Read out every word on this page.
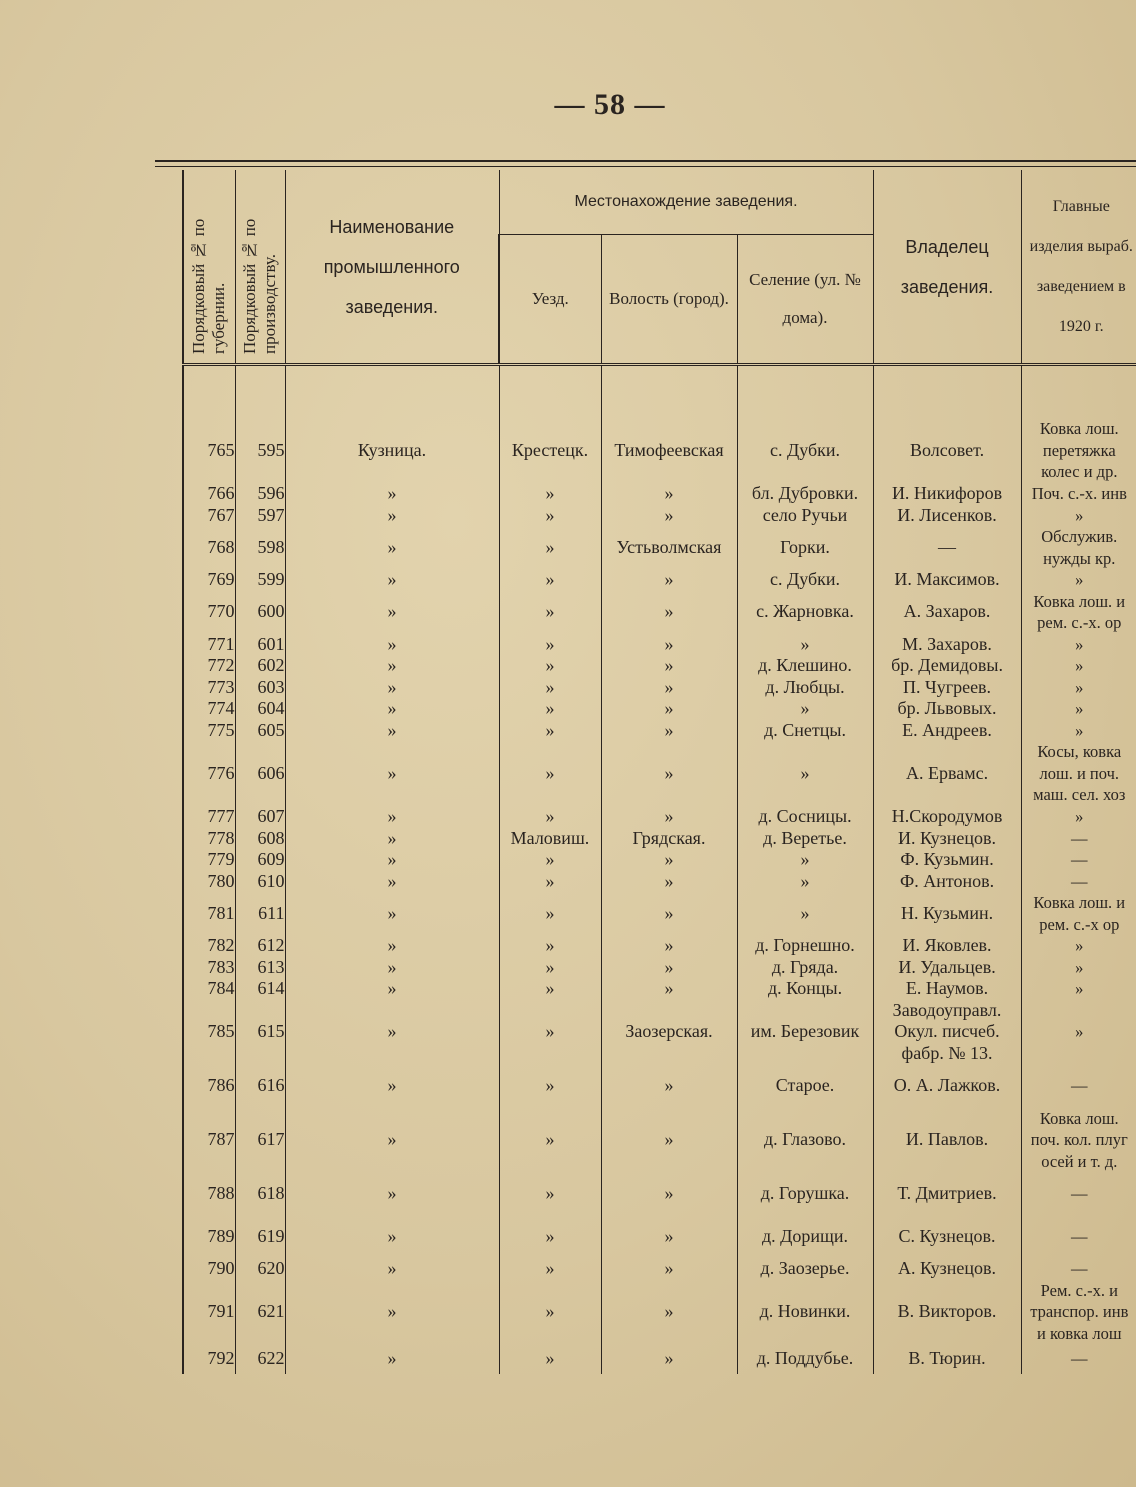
— 58 —
Порядковый № по губернии.	Порядковый № по производству.	Наименование промышленного заведения.	Местонахождение заведения.			Владелец заведения.	Главные изделия выраб. заведением в 1920 г.

			Уезд.	Волость (город).	Селение (ул. № дома).		

765	595	Кузница.	Крестецк.	Тимофеевская	с. Дубки.	Волсовет.	Ковка лош.
перетяжка
колес и др.

766	596	»	»	»	бл. Дубровки.	И. Никифоров	Поч. с.-х. инв

767	597	»	»	»	село Ручьи	И. Лисенков.	»

768	598	»	»	Устьволмская	Горки.	—	Обслужив.
нужды кр.

769	599	»	»	»	с. Дубки.	И. Максимов.	»

770	600	»	»	»	с. Жарновка.	А. Захаров.	Ковка лош. и
рем. с.-х. ор

771	601	»	»	»	»	М. Захаров.	»

772	602	»	»	»	д. Клешино.	бр. Демидовы.	»

773	603	»	»	»	д. Любцы.	П. Чугреев.	»

774	604	»	»	»	»	бр. Львовых.	»

775	605	»	»	»	д. Снетцы.	Е. Андреев.	»

776	606	»	»	»	»	А. Ервамс.	Косы, ковка
лош. и поч.
маш. сел. хоз

777	607	»	»	»	д. Сосницы.	Н.Скородумов	»

778	608	»	Маловиш.	Грядская.	д. Веретье.	И. Кузнецов.	—

779	609	»	»	»	»	Ф. Кузьмин.	—

780	610	»	»	»	»	Ф. Антонов.	—

781	611	»	»	»	»	Н. Кузьмин.	Ковка лош. и
рем. с.-х ор

782	612	»	»	»	д. Горнешно.	И. Яковлев.	»

783	613	»	»	»	д. Гряда.	И. Удальцев.	»

784	614	»	»	»	д. Концы.	Е. Наумов.	»

785	615	»	»	Заозерская.	им. Березовик	Заводоуправл.
Окул. писчеб.
фабр. № 13.	»

786	616	»	»	»	Старое.	О. А. Лажков.	—

787	617	»	»	»	д. Глазово.	И. Павлов.	Ковка лош.
поч. кол. плуг
осей и т. д.

788	618	»	»	»	д. Горушка.	Т. Дмитриев.	—

789	619	»	»	»	д. Дорищи.	С. Кузнецов.	—

790	620	»	»	»	д. Заозерье.	А. Кузнецов.	—

791	621	»	»	»	д. Новинки.	В. Викторов.	Рем. с.-х. и
транспор. инв
и ковка лош

792	622	»	»	»	д. Поддубье.	В. Тюрин.	—
